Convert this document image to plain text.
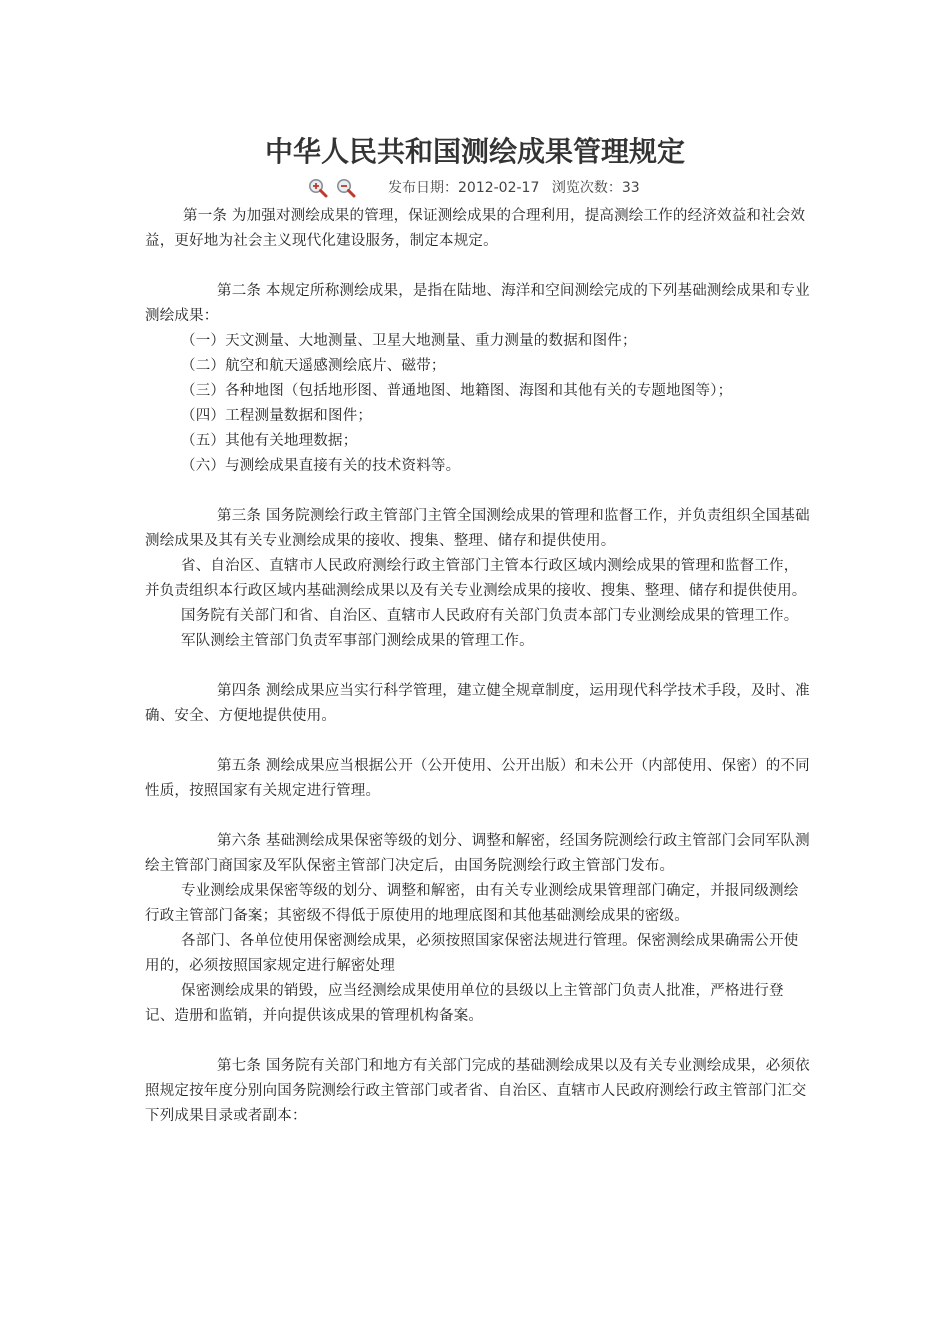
中华人民共和国测绘成果管理规定
发布日期：2012-02-17 浏览次数：33

第一条 为加强对测绘成果的管理，保证测绘成果的合理利用，提高测绘工作的经济效益和社会效益，更好地为社会主义现代化建设服务，制定本规定。

第二条 本规定所称测绘成果，是指在陆地、海洋和空间测绘完成的下列基础测绘成果和专业测绘成果：

（一）天文测量、大地测量、卫星大地测量、重力测量的数据和图件；

（二）航空和航天遥感测绘底片、磁带；

（三）各种地图（包括地形图、普通地图、地籍图、海图和其他有关的专题地图等）；

（四）工程测量数据和图件；

（五）其他有关地理数据；

（六）与测绘成果直接有关的技术资料等。

第三条 国务院测绘行政主管部门主管全国测绘成果的管理和监督工作，并负责组织全国基础测绘成果及其有关专业测绘成果的接收、搜集、整理、储存和提供使用。

省、自治区、直辖市人民政府测绘行政主管部门主管本行政区域内测绘成果的管理和监督工作，并负责组织本行政区域内基础测绘成果以及有关专业测绘成果的接收、搜集、整理、储存和提供使用。

国务院有关部门和省、自治区、直辖市人民政府有关部门负责本部门专业测绘成果的管理工作。

军队测绘主管部门负责军事部门测绘成果的管理工作。

第四条 测绘成果应当实行科学管理，建立健全规章制度，运用现代科学技术手段，及时、准确、安全、方便地提供使用。

第五条 测绘成果应当根据公开（公开使用、公开出版）和未公开（内部使用、保密）的不同性质，按照国家有关规定进行管理。

第六条 基础测绘成果保密等级的划分、调整和解密，经国务院测绘行政主管部门会同军队测绘主管部门商国家及军队保密主管部门决定后，由国务院测绘行政主管部门发布。

专业测绘成果保密等级的划分、调整和解密，由有关专业测绘成果管理部门确定，并报同级测绘行政主管部门备案；其密级不得低于原使用的地理底图和其他基础测绘成果的密级。

各部门、各单位使用保密测绘成果，必须按照国家保密法规进行管理。保密测绘成果确需公开使用的，必须按照国家规定进行解密处理

保密测绘成果的销毁，应当经测绘成果使用单位的县级以上主管部门负责人批准，严格进行登记、造册和监销，并向提供该成果的管理机构备案。

第七条 国务院有关部门和地方有关部门完成的基础测绘成果以及有关专业测绘成果，必须依照规定按年度分别向国务院测绘行政主管部门或者省、自治区、直辖市人民政府测绘行政主管部门汇交下列成果目录或者副本：
